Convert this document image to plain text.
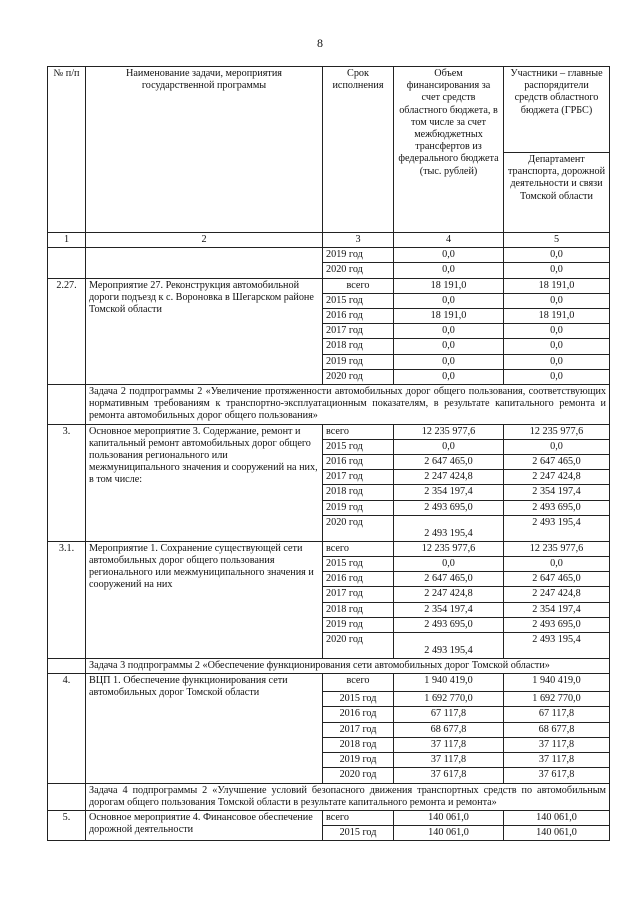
8
№ п/п	Наименование задачи, мероприятия государственной программы	Срок исполнения	Объем финансирования за счет средств областного бюджета, в том числе за счет межбюджетных трансфертов из федерального бюджета (тыс. рублей)	Участники – главные распорядители средств областного бюджета (ГРБС)
				Департамент транспорта, дорожной деятельности и связи Томской области
1	2	3	4	5
		2019 год	0,0	0,0
		2020 год	0,0	0,0
2.27.	Мероприятие 27. Реконструкция автомобильной дороги подъезд к с. Вороновка в Шегарском районе Томской области	всего	18 191,0	18 191,0
		2015 год	0,0	0,0
		2016 год	18 191,0	18 191,0
		2017 год	0,0	0,0
		2018 год	0,0	0,0
		2019 год	0,0	0,0
		2020 год	0,0	0,0
	Задача 2 подпрограммы 2 «Увеличение протяженности автомобильных дорог общего пользования, соответствующих нормативным требованиям к транспортно-эксплуатационным показателям, в результате капитального ремонта и ремонта автомобильных дорог общего пользования»			
3.	Основное мероприятие 3. Содержание, ремонт и капитальный ремонт автомобильных дорог общего пользования регионального или межмуниципального значения и сооружений на них, в том числе:	всего	12 235 977,6	12 235 977,6
		2015 год	0,0	0,0
		2016 год	2 647 465,0	2 647 465,0
		2017 год	2 247 424,8	2 247 424,8
		2018 год	2 354 197,4	2 354 197,4
		2019 год	2 493 695,0	2 493 695,0
		2020 год	2 493 195,4	2 493 195,4
3.1.	Мероприятие 1. Сохранение существующей сети автомобильных дорог общего пользования регионального или межмуниципального значения и сооружений на них	всего	12 235 977,6	12 235 977,6
		2015 год	0,0	0,0
		2016 год	2 647 465,0	2 647 465,0
		2017 год	2 247 424,8	2 247 424,8
		2018 год	2 354 197,4	2 354 197,4
		2019 год	2 493 695,0	2 493 695,0
		2020 год	2 493 195,4	2 493 195,4
	Задача 3 подпрограммы 2 «Обеспечение функционирования сети автомобильных дорог Томской области»			
4.	ВЦП 1. Обеспечение функционирования сети автомобильных дорог Томской области	всего	1 940 419,0	1 940 419,0
		2015 год	1 692 770,0	1 692 770,0
		2016 год	67 117,8	67 117,8
		2017 год	68 677,8	68 677,8
		2018 год	37 117,8	37 117,8
		2019 год	37 117,8	37 117,8
		2020 год	37 617,8	37 617,8
	Задача 4 подпрограммы 2 «Улучшение условий безопасного движения транспортных средств по автомобильным дорогам общего пользования Томской области в результате капитального ремонта и ремонта»			
5.	Основное мероприятие 4. Финансовое обеспечение дорожной деятельности	всего	140 061,0	140 061,0
		2015 год	140 061,0	140 061,0
